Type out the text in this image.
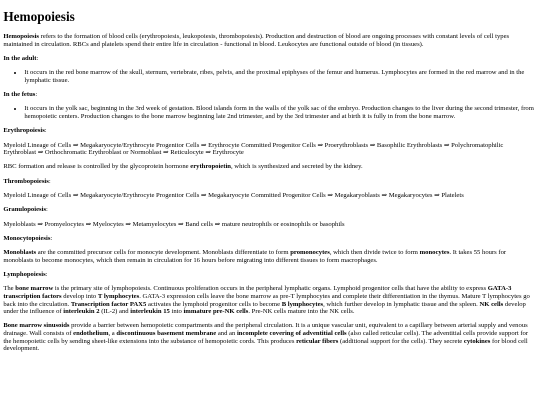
Hemopoiesis

Hemopoiesis refers to the formation of blood cells (erythropoiesis, leukopoiesis, thrombopoiesis). Production and destruction of blood are ongoing processes with constant levels of cell types maintained in circulation. RBCs and platelets spend their entire life in circulation - functional in blood. Leukocytes are functional outside of blood (in tissues).

In the adult:

• It occurs in the red bone marrow of the skull, sternum, vertebrate, ribes, pelvis, and the proximal epiphyses of the femur and humerus. Lymphocytes are formed in the red marrow and in the lymphatic tissue.

In the fetus:

• It occurs in the yolk sac, beginning in the 3rd week of gestation. Blood islands form in the walls of the yolk sac of the embryo. Production changes to the liver during the second trimester, from hemopoietic centers. Production changes to the bone marrow beginning late 2nd trimester, and by the 3rd trimester and at birth it is fully in from the bone marrow.

Erythropoiesis:

Myeloid Lineage of Cells ⇒ Megakaryocyte/Erythrocyte Progenitor Cells ⇒ Erythrocyte Committed Progenitor Cells ⇒ Proerythroblasts ⇒ Basophilic Erythroblasts ⇒ Polychromatophilic Erythroblast ⇒ Orthochromatic Erythroblast or Normoblast ⇒ Reticulocyte ⇒ Erythrocyte

RBC formation and release is controlled by the glycoprotein hormone erythropoietin, which is synthesized and secreted by the kidney.

Thrombopoiesis:

Myeloid Lineage of Cells ⇒ Megakaryocyte/Erythrocyte Progenitor Cells ⇒ Megakaryocyte Committed Progenitor Cells ⇒ Megakaryoblasts ⇒ Megakaryocytes ⇒ Platelets

Granulopoiesis:

Myeloblasts ⇒ Promyelocytes ⇒ Myelocytes ⇒ Metamyelocytes ⇒ Band cells ⇒ mature neutrophils or eosinophils or basophils

Monocytopoiesis:

Monoblasts are the committed precursor cells for monocyte development. Monoblasts differentiate to form promonocytes, which then divide twice to form monocytes. It takes 55 hours for monoblasts to become monocytes, which then remain in circulation for 16 hours before migrating into different tissues to form macrophages.

Lymphopoiesis:

The bone marrow is the primary site of lymphopoiesis. Continuous proliferation occurs in the peripheral lymphatic organs. Lymphoid progenitor cells that have the ability to express GATA-3 transcription factors develop into T lymphocytes. GATA-3 expression cells leave the bone marrow as pre-T lymphocytes and complete their differentiation in the thymus. Mature T lymphocytes go back into the circulation. Transcription factor PAX5 activates the lymphoid progenitor cells to become B lymphocytes, which further develop in lymphatic tissue and the spleen. NK cells develop under the influence of interleukin 2 (IL-2) and interleukin 15 into immature pre-NK cells. Pre-NK cells mature into the NK cells.

Bone marrow sinusoids provide a barrier between hemopoietic compartments and the peripheral circulation. It is a unique vascular unit, equivalent to a capillary between arterial supply and venous drainage. Wall consists of endothelium, a discontinuous basement membrane and an incomplete covering of adventitial cells (also called reticular cells). The adventitial cells provide support for the hemopoietic cells by sending sheet-like extensions into the substance of hemopoietic cords. This produces reticular fibers (additional support for the cells). They secrete cytokines for blood cell development.
